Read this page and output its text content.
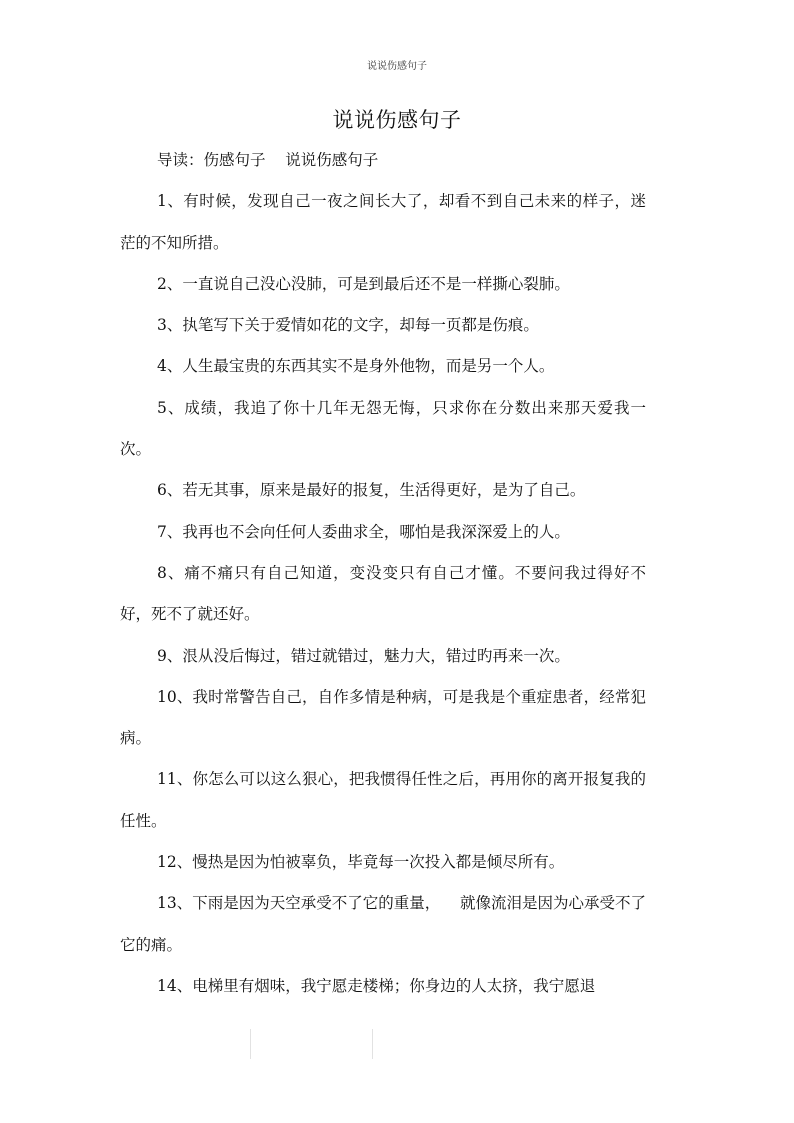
说说伤感句子
说说伤感句子

导读：伤感句子    说说伤感句子

1、有时候，发现自己一夜之间长大了，却看不到自己未来的样子，迷茫的不知所措。

2、一直说自己没心没肺，可是到最后还不是一样撕心裂肺。

3、执笔写下关于爱情如花的文字，却每一页都是伤痕。

4、人生最宝贵的东西其实不是身外他物，而是另一个人。

5、成绩，我追了你十几年无怨无悔，只求你在分数出来那天爱我一次。

6、若无其事，原来是最好的报复，生活得更好，是为了自己。

7、我再也不会向任何人委曲求全，哪怕是我深深爱上的人。

8、痛不痛只有自己知道，变没变只有自己才懂。不要问我过得好不好，死不了就还好。

9、泿从没后悔过，错过就错过，魅力大，错过旳再来一次。

10、我时常警告自己，自作多情是种病，可是我是个重症患者，经常犯病。

11、你怎么可以这么狠心，把我惯得任性之后，再用你的离开报复我的任性。

12、慢热是因为怕被辜负，毕竟每一次投入都是倾尽所有。

13、下雨是因为天空承受不了它的重量，    就像流泪是因为心承受不了它的痛。

14、电梯里有烟味，我宁愿走楼梯；你身边的人太挤，我宁愿退
